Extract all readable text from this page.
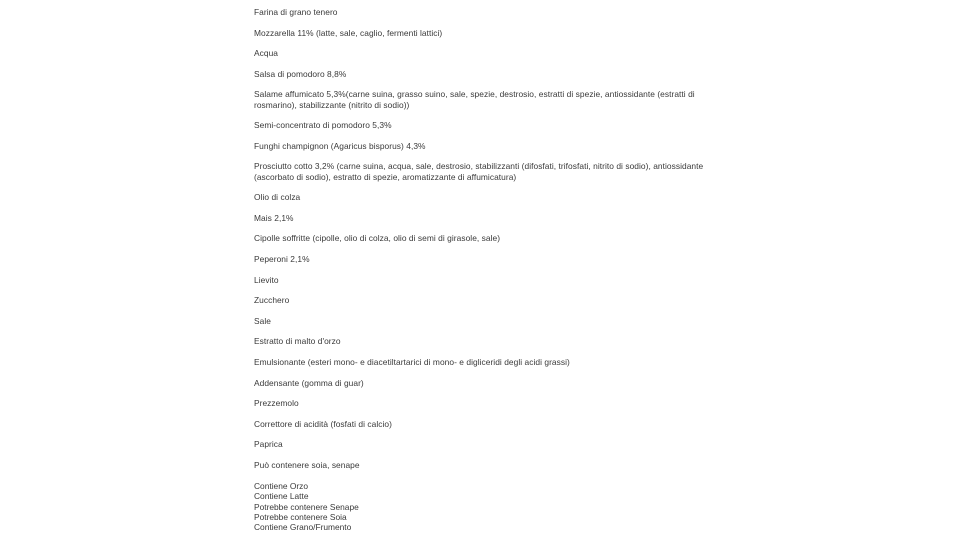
Farina di grano tenero
Mozzarella 11% (latte, sale, caglio, fermenti lattici)
Acqua
Salsa di pomodoro 8,8%
Salame affumicato 5,3%(carne suina, grasso suino, sale, spezie, destrosio, estratti di spezie, antiossidante (estratti di rosmarino), stabilizzante (nitrito di sodio))
Semi-concentrato di pomodoro 5,3%
Funghi champignon (Agaricus bisporus) 4,3%
Prosciutto cotto 3,2% (carne suina, acqua, sale, destrosio, stabilizzanti (difosfati, trifosfati, nitrito di sodio), antiossidante (ascorbato di sodio), estratto di spezie, aromatizzante di affumicatura)
Olio di colza
Mais 2,1%
Cipolle soffritte (cipolle, olio di colza, olio di semi di girasole, sale)
Peperoni 2,1%
Lievito
Zucchero
Sale
Estratto di malto d'orzo
Emulsionante (esteri mono- e diacetiltartarici di mono- e digliceridi degli acidi grassi)
Addensante (gomma di guar)
Prezzemolo
Correttore di acidità (fosfati di calcio)
Paprica
Può contenere soia, senape
Contiene Orzo
Contiene Latte
Potrebbe contenere Senape
Potrebbe contenere Soia
Contiene Grano/Frumento
